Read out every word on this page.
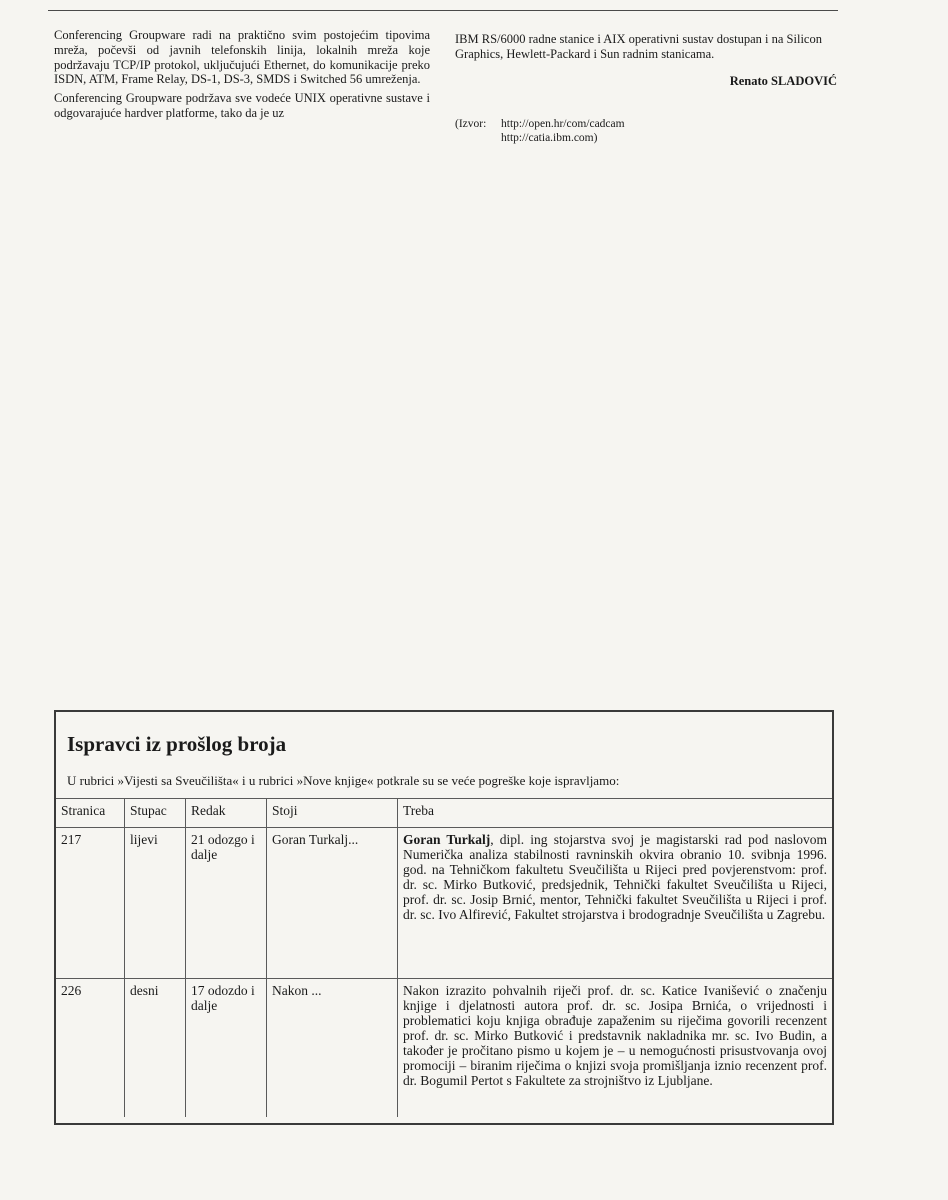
Conferencing Groupware radi na praktično svim postojećim tipovima mreža, počevši od javnih telefonskih linija, lokalnih mreža koje podržavaju TCP/IP protokol, uključujući Ethernet, do komunikacije preko ISDN, ATM, Frame Relay, DS-1, DS-3, SMDS i Switched 56 umreženja.

Conferencing Groupware podržava sve vodeće UNIX operativne sustave i odgovarajuće hardver platforme, tako da je uz

IBM RS/6000 radne stanice i AIX operativni sustav dostupan i na Silicon Graphics, Hewlett-Packard i Sun radnim stanicama.

Renato SLADOVIĆ

(Izvor:	http://open.hr/com/cadcam
http://catia.ibm.com)
Ispravci iz prošlog broja

U rubrici »Vijesti sa Sveučilišta« i u rubrici »Nove knjige« potkrale su se veće pogreške koje ispravljamo:

Stranica	Stupac	Redak	Stoji	Treba
217	lijevi	21 odozgo i dalje	Goran Turkalj...	Goran Turkalj, dipl. ing stojarstva svoj je magistarski rad pod naslovom Numerička analiza stabilnosti ravninskih okvira obranio 10. svibnja 1996. god. na Tehničkom fakultetu Sveučilišta u Rijeci pred povjerenstvom: prof. dr. sc. Mirko Butković, predsjednik, Tehnički fakultet Sveučilišta u Rijeci, prof. dr. sc. Josip Brnić, mentor, Tehnički fakultet Sveučilišta u Rijeci i prof. dr. sc. Ivo Alfirević, Fakultet strojarstva i brodogradnje Sveučilišta u Zagrebu.
226	desni	17 odozdo i dalje	Nakon ...	Nakon izrazito pohvalnih riječi prof. dr. sc. Katice Ivanišević o značenju knjige i djelatnosti autora prof. dr. sc. Josipa Brnića, o vrijednosti i problematici koju knjiga obrađuje zapaženim su riječima govorili recenzent prof. dr. sc. Mirko Butković i predstavnik nakladnika mr. sc. Ivo Budin, a također je pročitano pismo u kojem je – u nemogućnosti prisustvovanja ovoj promociji – biranim riječima o knjizi svoja promišljanja iznio recenzent prof. dr. Bogumil Pertot s Fakultete za strojništvo iz Ljubljane.
